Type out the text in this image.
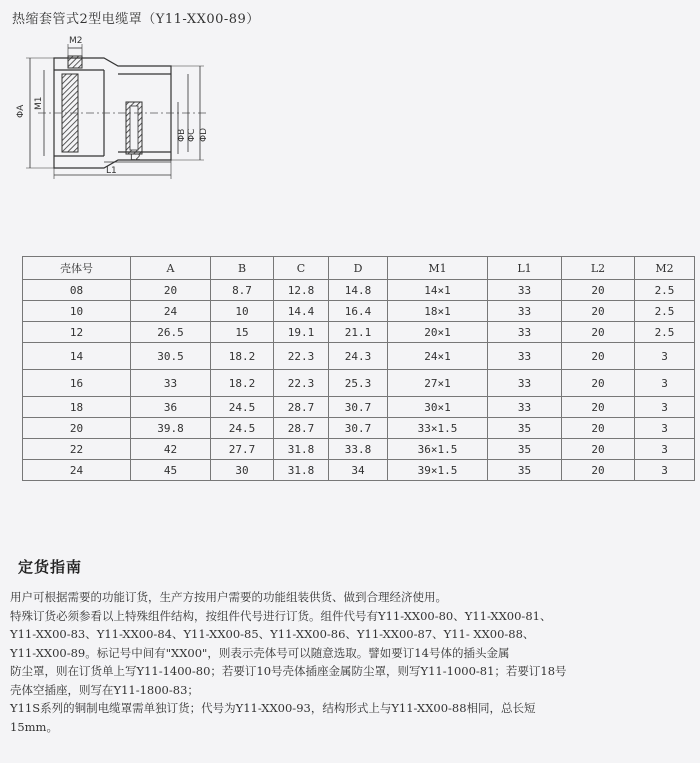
热缩套管式2型电缆罩（Y11-XX00-89）
ΦA
M1
M2
ΦB ΦC ΦD
L2
L1
壳体号	A	B	C	D	M1	L1	L2	M2
08	20	8.7	12.8	14.8	14×1	33	20	2.5
10	24	10	14.4	16.4	18×1	33	20	2.5
12	26.5	15	19.1	21.1	20×1	33	20	2.5
14	30.5	18.2	22.3	24.3	24×1	33	20	3
16	33	18.2	22.3	25.3	27×1	33	20	3
18	36	24.5	28.7	30.7	30×1	33	20	3
20	39.8	24.5	28.7	30.7	33×1.5	35	20	3
22	42	27.7	31.8	33.8	36×1.5	35	20	3
24	45	30	31.8	34	39×1.5	35	20	3
定货指南

用户可根据需要的功能订货，生产方按用户需要的功能组装供货、做到合理经济使用。

特殊订货必须参看以上特殊组件结构，按组件代号进行订货。组件代号有Y11-XX00-80、Y11-XX00-81、

Y11-XX00-83、Y11-XX00-84、Y11-XX00-85、Y11-XX00-86、Y11-XX00-87、Y11- XX00-88、

Y11-XX00-89。标记号中间有"XX00"，则表示壳体号可以随意选取。譬如要订14号体的插头金属

防尘罩，则在订货单上写Y11-1400-80；若要订10号壳体插座金属防尘罩，则写Y11-1000-81；若要订18号

壳体空插座，则写在Y11-1800-83；

Y11S系列的铜制电缆罩需单独订货；代号为Y11-XX00-93，结构形式上与Y11-XX00-88相同，总长短

15mm。
